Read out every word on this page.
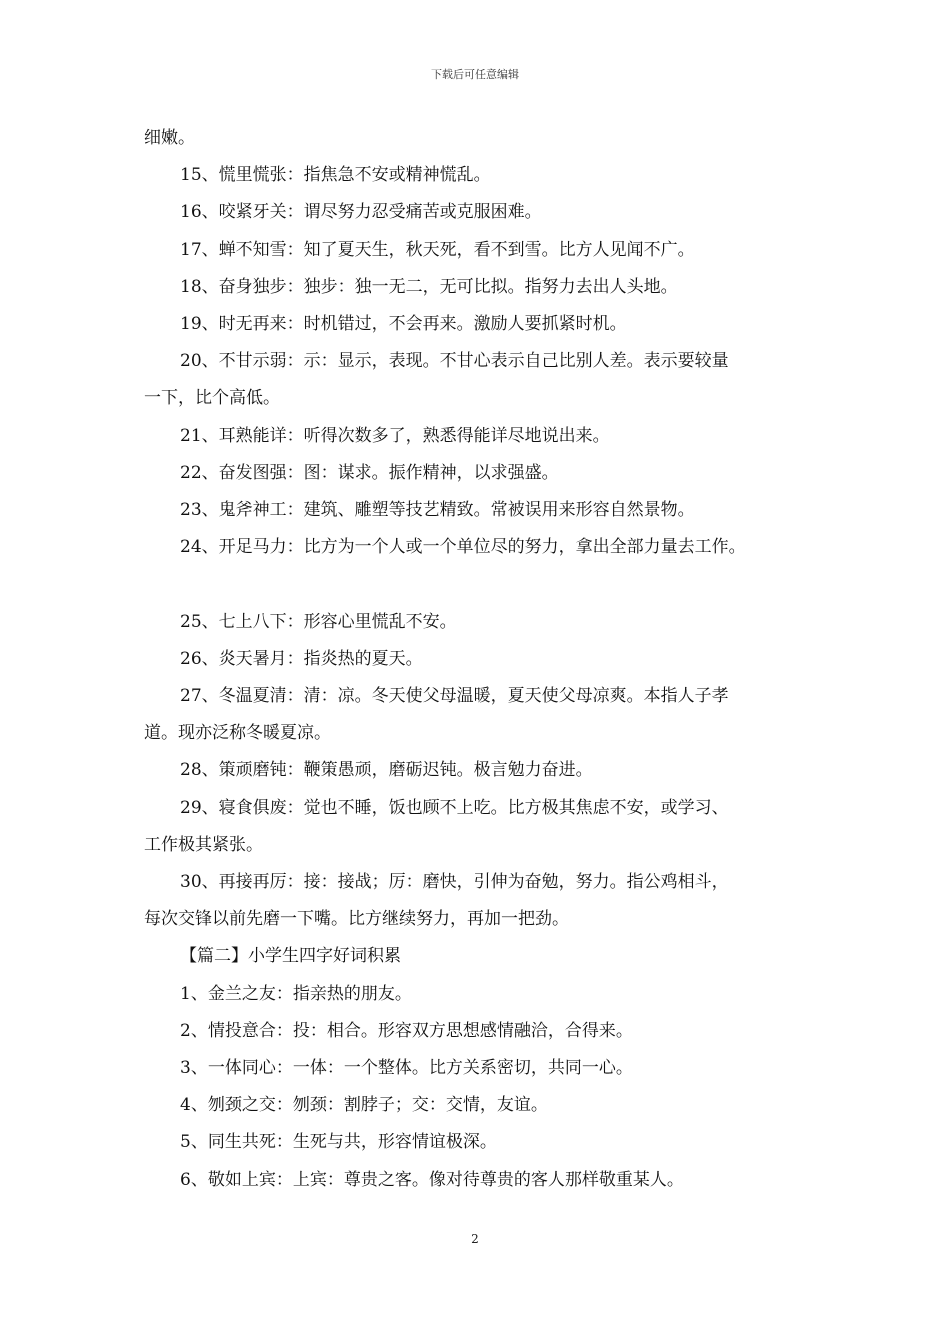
下载后可任意编辑

细嫩。

15、慌里慌张：指焦急不安或精神慌乱。

16、咬紧牙关：谓尽努力忍受痛苦或克服困难。

17、蝉不知雪：知了夏天生，秋天死，看不到雪。比方人见闻不广。

18、奋身独步：独步：独一无二，无可比拟。指努力去出人头地。

19、时无再来：时机错过，不会再来。激励人要抓紧时机。

20、不甘示弱：示：显示，表现。不甘心表示自己比别人差。表示要较量

一下，比个高低。

21、耳熟能详：听得次数多了，熟悉得能详尽地说出来。

22、奋发图强：图：谋求。振作精神，以求强盛。

23、鬼斧神工：建筑、雕塑等技艺精致。常被误用来形容自然景物。

24、开足马力：比方为一个人或一个单位尽的努力，拿出全部力量去工作。

25、七上八下：形容心里慌乱不安。

26、炎天暑月：指炎热的夏天。

27、冬温夏清：清：凉。冬天使父母温暖，夏天使父母凉爽。本指人子孝

道。现亦泛称冬暖夏凉。

28、策顽磨钝：鞭策愚顽，磨砺迟钝。极言勉力奋进。

29、寝食俱废：觉也不睡，饭也顾不上吃。比方极其焦虑不安，或学习、

工作极其紧张。

30、再接再厉：接：接战；厉：磨快，引伸为奋勉，努力。指公鸡相斗，

每次交锋以前先磨一下嘴。比方继续努力，再加一把劲。

【篇二】小学生四字好词积累

1、金兰之友：指亲热的朋友。

2、情投意合：投：相合。形容双方思想感情融洽，合得来。

3、一体同心：一体：一个整体。比方关系密切，共同一心。

4、刎颈之交：刎颈：割脖子；交：交情，友谊。

5、同生共死：生死与共，形容情谊极深。

6、敬如上宾：上宾：尊贵之客。像对待尊贵的客人那样敬重某人。

2
